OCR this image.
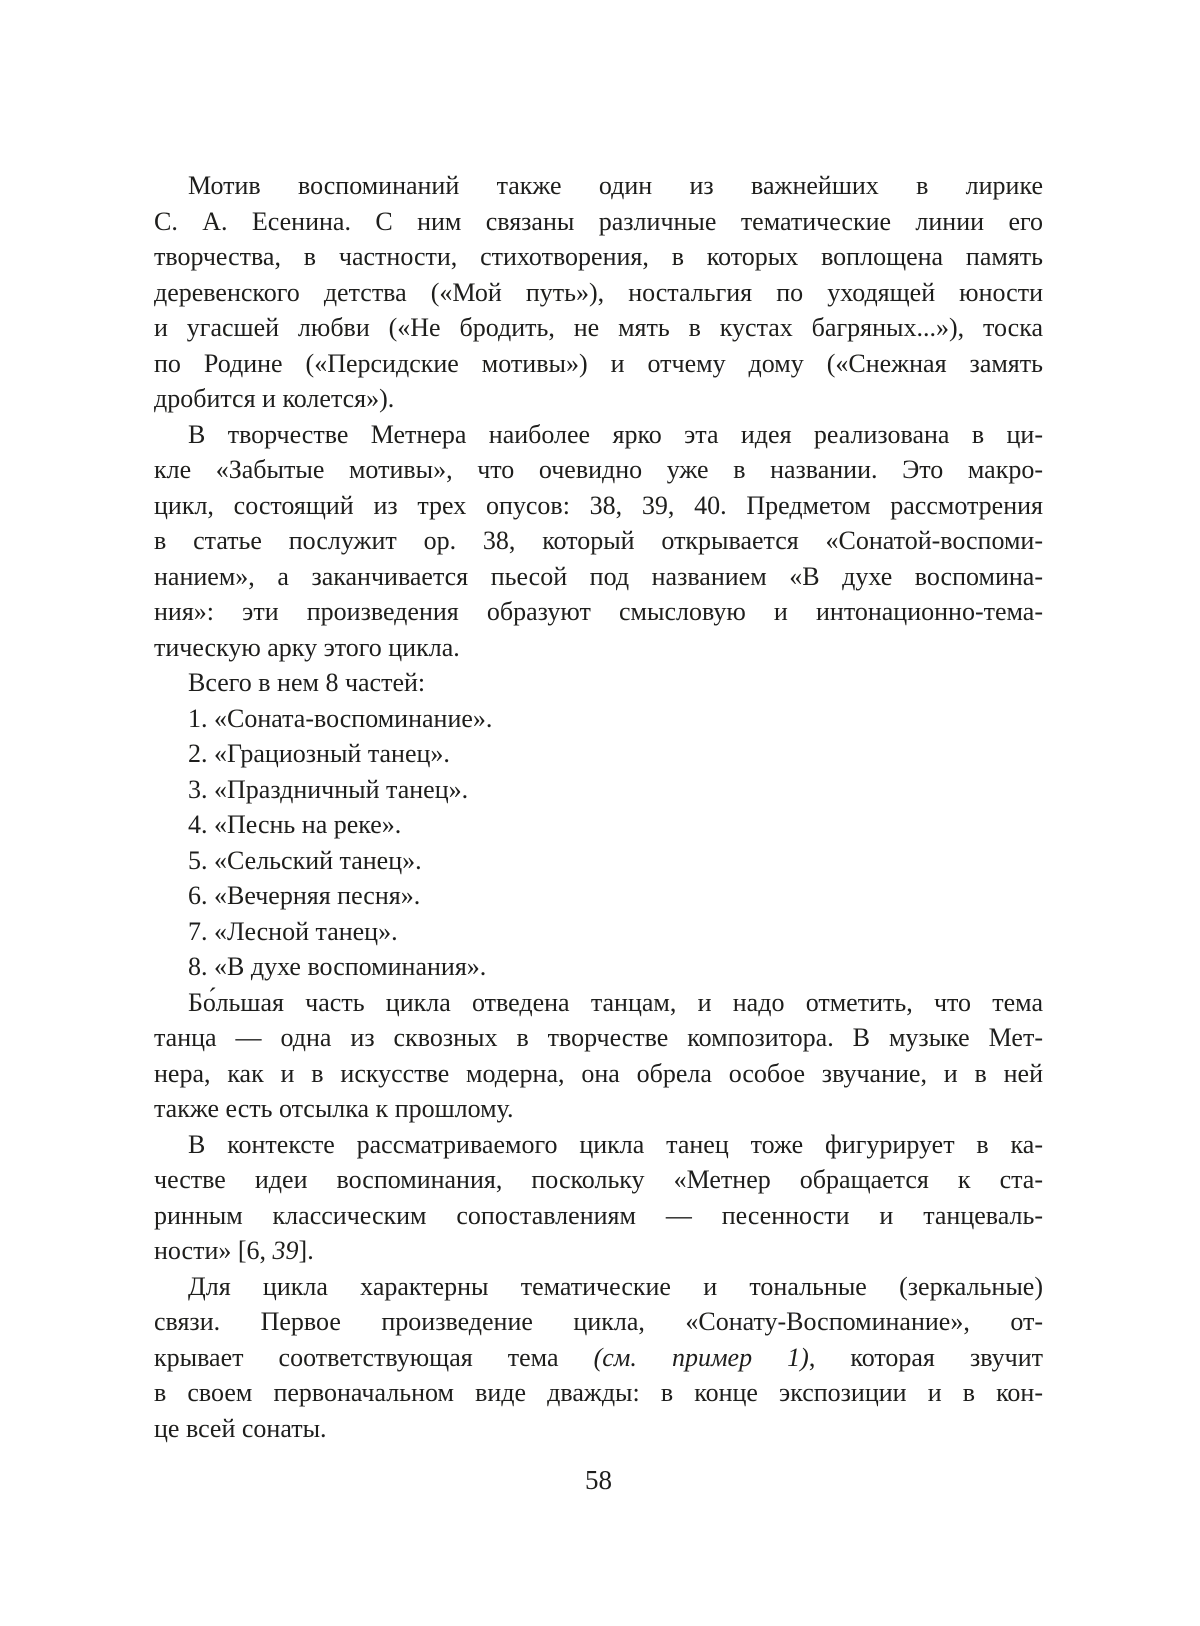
Мотив воспоминаний также один из важнейших в лирике
С. А. Есенина. С ним связаны различные тематические линии его
творчества, в частности, стихотворения, в которых воплощена память
деревенского детства («Мой путь»), ностальгия по уходящей юности
и угасшей любви («Не бродить, не мять в кустах багряных...»), тоска
по Родине («Персидские мотивы») и отчему дому («Снежная замять
дробится и колется»).
В творчестве Метнера наиболее ярко эта идея реализована в ци-
кле «Забытые мотивы», что очевидно уже в названии. Это макро-
цикл, состоящий из трех опусов: 38, 39, 40. Предметом рассмотрения
в статье послужит ор. 38, который открывается «Сонатой-воспоми-
нанием», а заканчивается пьесой под названием «В духе воспомина-
ния»: эти произведения образуют смысловую и интонационно-тема-
тическую арку этого цикла.
Всего в нем 8 частей:
1. «Соната-воспоминание».
2. «Грациозный танец».
3. «Праздничный танец».
4. «Песнь на реке».
5. «Сельский танец».
6. «Вечерняя песня».
7. «Лесной танец».
8. «В духе воспоминания».
Бо́льшая часть цикла отведена танцам, и надо отметить, что тема
танца — одна из сквозных в творчестве композитора. В музыке Мет-
нера, как и в искусстве модерна, она обрела особое звучание, и в ней
также есть отсылка к прошлому.
В контексте рассматриваемого цикла танец тоже фигурирует в ка-
честве идеи воспоминания, поскольку «Метнер обращается к ста-
ринным классическим сопоставлениям — песенности и танцеваль-
ности» [6, 39].
Для цикла характерны тематические и тональные (зеркальные)
связи. Первое произведение цикла, «Сонату-Воспоминание», от-
крывает соответствующая тема (см. пример 1), которая звучит
в своем первоначальном виде дважды: в конце экспозиции и в кон-
це всей сонаты.
58
